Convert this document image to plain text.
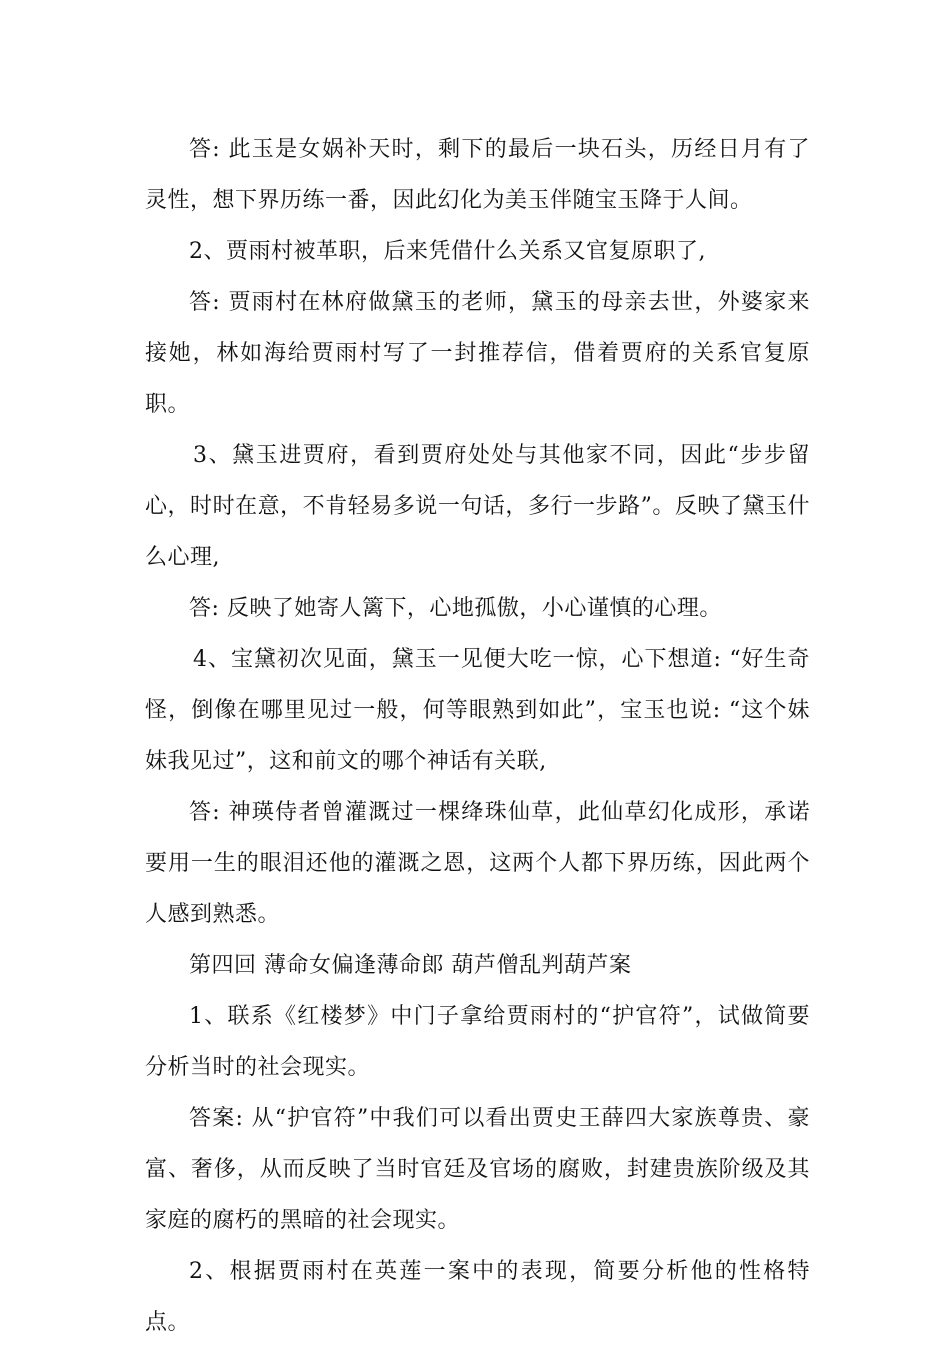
答: 此玉是女娲补天时，剩下的最后一块石头，历经日月有了灵性，想下界历练一番，因此幻化为美玉伴随宝玉降于人间。

2、贾雨村被革职，后来凭借什么关系又官复原职了,

答: 贾雨村在林府做黛玉的老师，黛玉的母亲去世，外婆家来接她，林如海给贾雨村写了一封推荐信，借着贾府的关系官复原职。

3、黛玉进贾府，看到贾府处处与其他家不同，因此“步步留心，时时在意，不肯轻易多说一句话，多行一步路”。反映了黛玉什么心理,

答: 反映了她寄人篱下，心地孤傲，小心谨慎的心理。

4、宝黛初次见面，黛玉一见便大吃一惊，心下想道: “好生奇怪，倒像在哪里见过一般，何等眼熟到如此”，宝玉也说: “这个妹妹我见过”，这和前文的哪个神话有关联,

答: 神瑛侍者曾灌溉过一棵绛珠仙草，此仙草幻化成形，承诺要用一生的眼泪还他的灌溉之恩，这两个人都下界历练，因此两个人感到熟悉。

第四回 薄命女偏逢薄命郎 葫芦僧乱判葫芦案

1、联系《红楼梦》中门子拿给贾雨村的“护官符”，试做简要分析当时的社会现实。

答案: 从“护官符”中我们可以看出贾史王薛四大家族尊贵、豪富、奢侈，从而反映了当时官廷及官场的腐败，封建贵族阶级及其家庭的腐朽的黑暗的社会现实。

2、根据贾雨村在英莲一案中的表现，简要分析他的性格特点。
